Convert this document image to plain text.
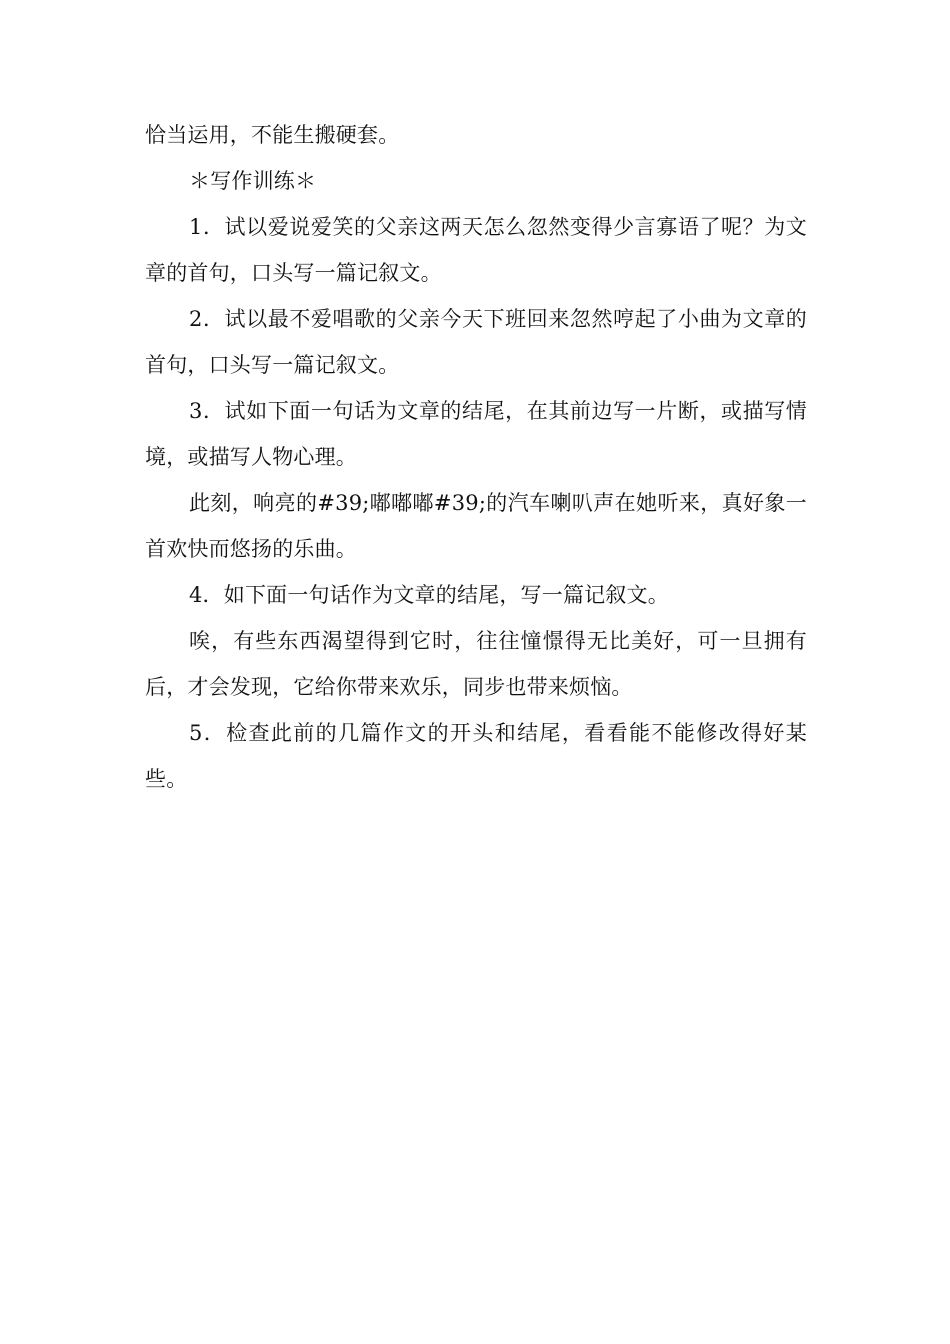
恰当运用，不能生搬硬套。

＊写作训练＊

1．试以爱说爱笑的父亲这两天怎么忽然变得少言寡语了呢？为文章的首句，口头写一篇记叙文。

2．试以最不爱唱歌的父亲今天下班回来忽然哼起了小曲为文章的首句，口头写一篇记叙文。

3．试如下面一句话为文章的结尾，在其前边写一片断，或描写情境，或描写人物心理。

此刻，响亮的#39;嘟嘟嘟#39;的汽车喇叭声在她听来，真好象一首欢快而悠扬的乐曲。

4．如下面一句话作为文章的结尾，写一篇记叙文。

唉，有些东西渴望得到它时，往往憧憬得无比美好，可一旦拥有后，才会发现，它给你带来欢乐，同步也带来烦恼。

5．检查此前的几篇作文的开头和结尾，看看能不能修改得好某些。
